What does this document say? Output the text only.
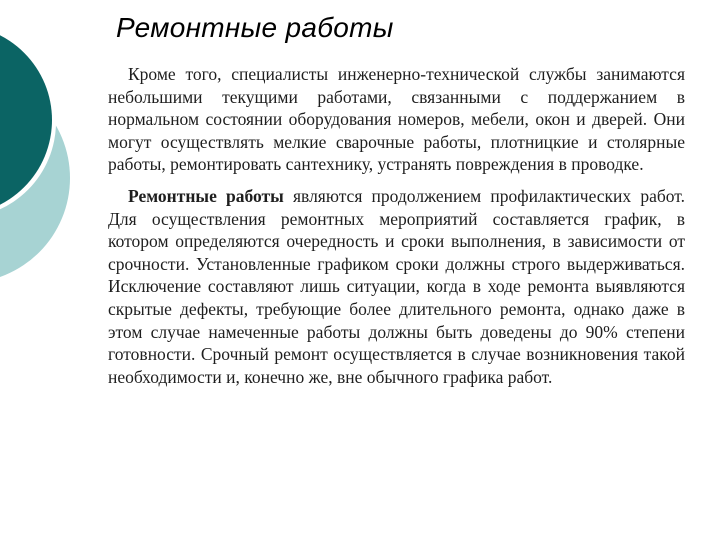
Ремонтные работы

Кроме того, специалисты инженерно-технической службы занимаются небольшими текущими работами, связанными с поддержанием в нормальном состоянии оборудования номеров, мебели, окон и дверей. Они могут осуществлять мелкие сварочные работы, плотницкие и столярные работы, ремонтировать сантехнику, устранять повреждения в проводке.

Ремонтные работы являются продолжением профилактических работ. Для осуществления ремонтных мероприятий составляется график, в котором определяются очередность и сроки выполнения, в зависимости от срочности. Установленные графиком сроки должны строго выдерживаться. Исключение составляют лишь ситуации, когда в ходе ремонта выявляются скрытые дефекты, требующие более длительного ремонта, однако даже в этом случае намеченные работы должны быть доведены до 90% степени готовности. Срочный ремонт осуществляется в случае возникновения такой необходимости и, конечно же, вне обычного графика работ.
